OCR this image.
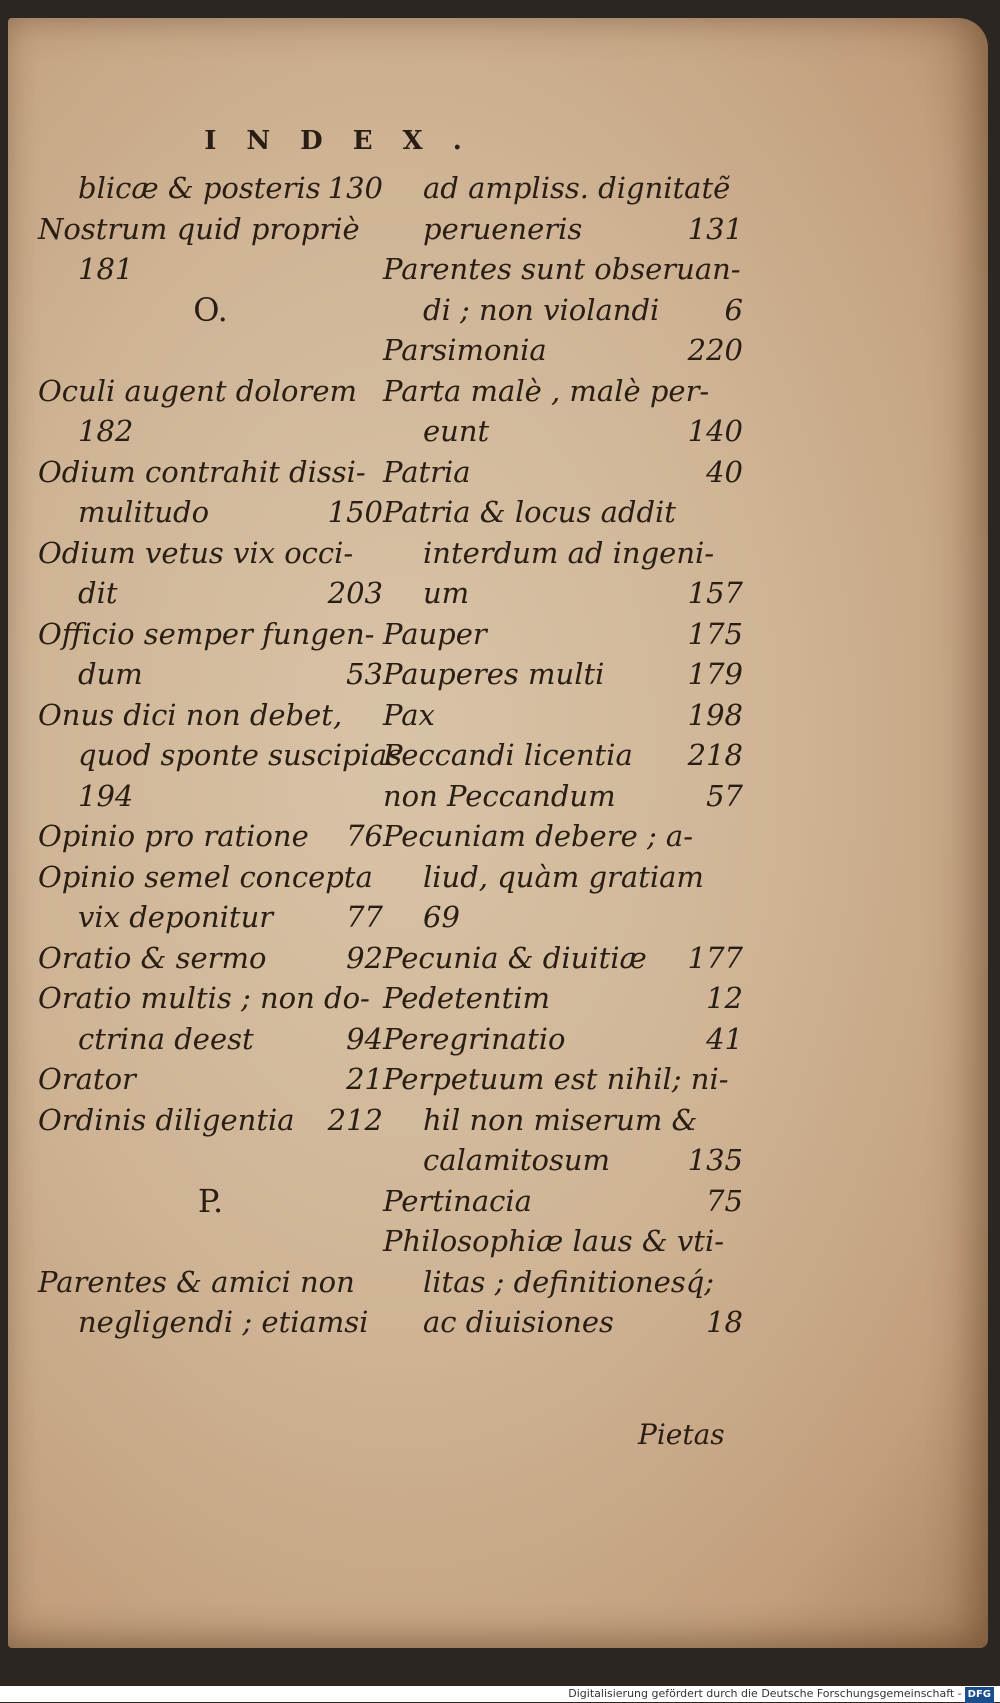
INDEX.
blicæ & posteris 130
Nostrum quid propriè
181
O.
Oculi augent dolorem
182
Odium contrahit dissi-
mulitudo	150
Odium vetus vix occi-
dit	203
Officio semper fungen-
dum	53
Onus dici non debet,
quod sponte suscipias
194
Opinio pro ratione 76
Opinio semel concepta
vix deponitur	77
Oratio & sermo	92
Oratio multis ; non do-
ctrina deest	94
Orator	21
Ordinis diligentia 212
P.
Parentes & amici non
negligendi ; etiamsi
ad ampliss. dignitatẽ
perueneris	131
Parentes sunt obseruan-
di ; non violandi 6
Parsimonia	220
Parta malè , malè per-
eunt	140
Patria	40
Patria & locus addit
interdum ad ingeni-
um	157
Pauper	175
Pauperes multi	179
Pax	198
Peccandi licentia 218
non Peccandum	57
Pecuniam debere ; a-
liud, quàm gratiam
69
Pecunia & diuitiæ 177
Pedetentim	12
Peregrinatio	41
Perpetuum est nihil; ni-
hil non miserum &
calamitosum	135
Pertinacia	75
Philosophiæ laus & vti-
litas ; definitionesq́;
ac diuisiones	18
Pietas
Digitalisierung gefördert durch die Deutsche Forschungsgemeinschaft - DFG
